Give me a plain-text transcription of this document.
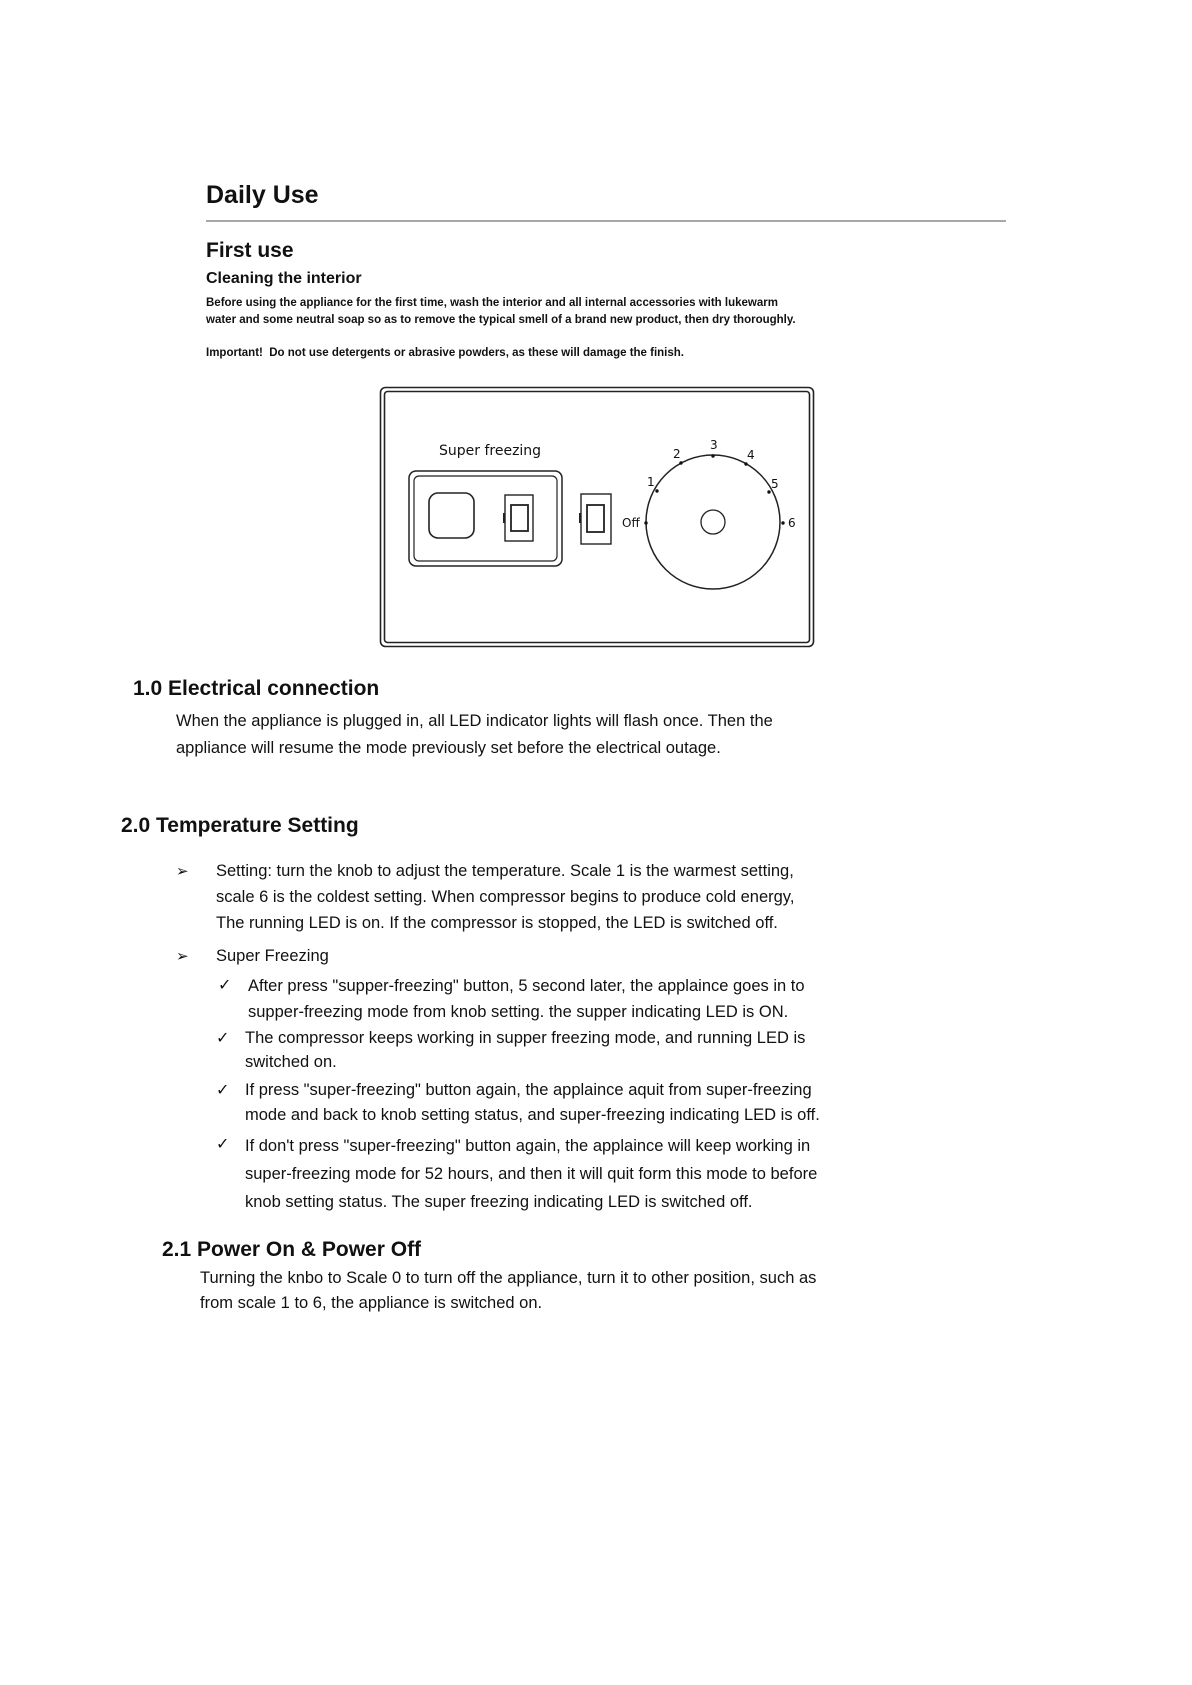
Daily Use
First use
Cleaning the interior
Before using the appliance for the first time, wash the interior and all internal accessories with lukewarm
water and some neutral soap so as to remove the typical smell of a brand new product, then dry thoroughly.
Important! Do not use detergents or abrasive powders, as these will damage the finish.
Super freezing
Off
1
2
3
4
5
6
1.0 Electrical connection
When the appliance is plugged in, all LED indicator lights will flash once. Then the
appliance will resume the mode previously set before the electrical outage.
2.0 Temperature Setting
➢ Setting: turn the knob to adjust the temperature. Scale 1 is the warmest setting,
scale 6 is the coldest setting. When compressor begins to produce cold energy,
The running LED is on. If the compressor is stopped, the LED is switched off.
➢ Super Freezing
✓ After press "supper-freezing" button, 5 second later, the applaince goes in to
supper-freezing mode from knob setting. the supper indicating LED is ON.
✓ The compressor keeps working in supper freezing mode, and running LED is
switched on.
✓ If press "super-freezing" button again, the applaince aquit from super-freezing
mode and back to knob setting status, and super-freezing indicating LED is off.
✓ If don't press "super-freezing" button again, the applaince will keep working in
super-freezing mode for 52 hours, and then it will quit form this mode to before
knob setting status. The super freezing indicating LED is switched off.
2.1 Power On & Power Off
Turning the knbo to Scale 0 to turn off the appliance, turn it to other position, such as
from scale 1 to 6, the appliance is switched on.
